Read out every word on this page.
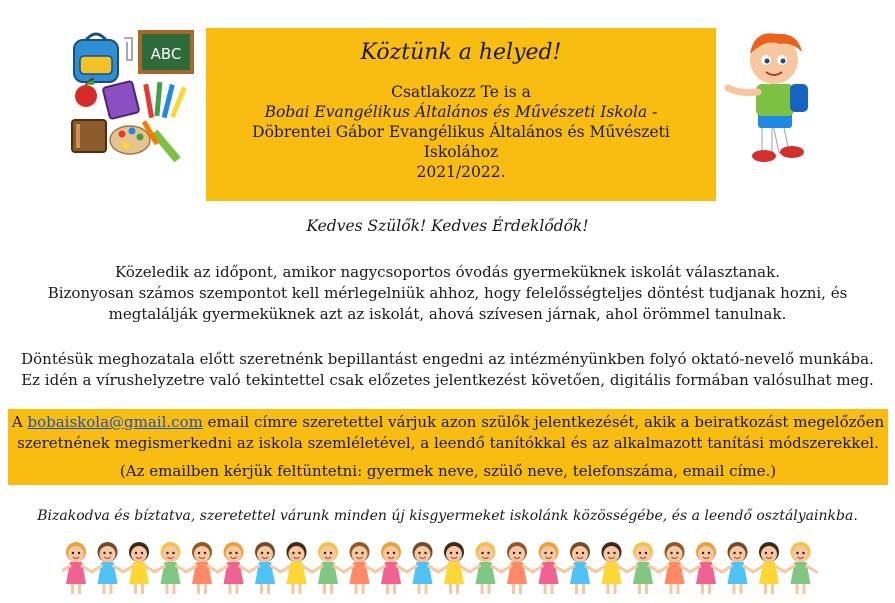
ABC	Köztünk a helyed!
Csatlakozz Te is a
Bobai Evangélikus Általános és Művészeti Iskola -
Döbrentei Gábor Evangélikus Általános és Művészeti
Iskolához
2021/2022.
Kedves Szülők! Kedves Érdeklődők!
Közeledik az időpont, amikor nagycsoportos óvodás gyermeküknek iskolát választanak.
Bizonyosan számos szempontot kell mérlegelniük ahhoz, hogy felelősségteljes döntést tudjanak hozni, és
megtalálják gyermeküknek azt az iskolát, ahová szívesen járnak, ahol örömmel tanulnak.
Döntésük meghozatala előtt szeretnénk bepillantást engedni az intézményünkben folyó oktató-nevelő munkába.
Ez idén a vírushelyzetre való tekintettel csak előzetes jelentkezést követően, digitális formában valósulhat meg.
A bobaiskola@gmail.com email címre szeretettel várjuk azon szülők jelentkezését, akik a beiratkozást megelőzően
szeretnének megismerkedni az iskola szemléletével, a leendő tanítókkal és az alkalmazott tanítási módszerekkel.
(Az emailben kérjük feltüntetni: gyermek neve, szülő neve, telefonszáma, email címe.)
Bizakodva és bíztatva, szeretettel várunk minden új kisgyermeket iskolánk közösségébe, és a leendő osztályainkba.
